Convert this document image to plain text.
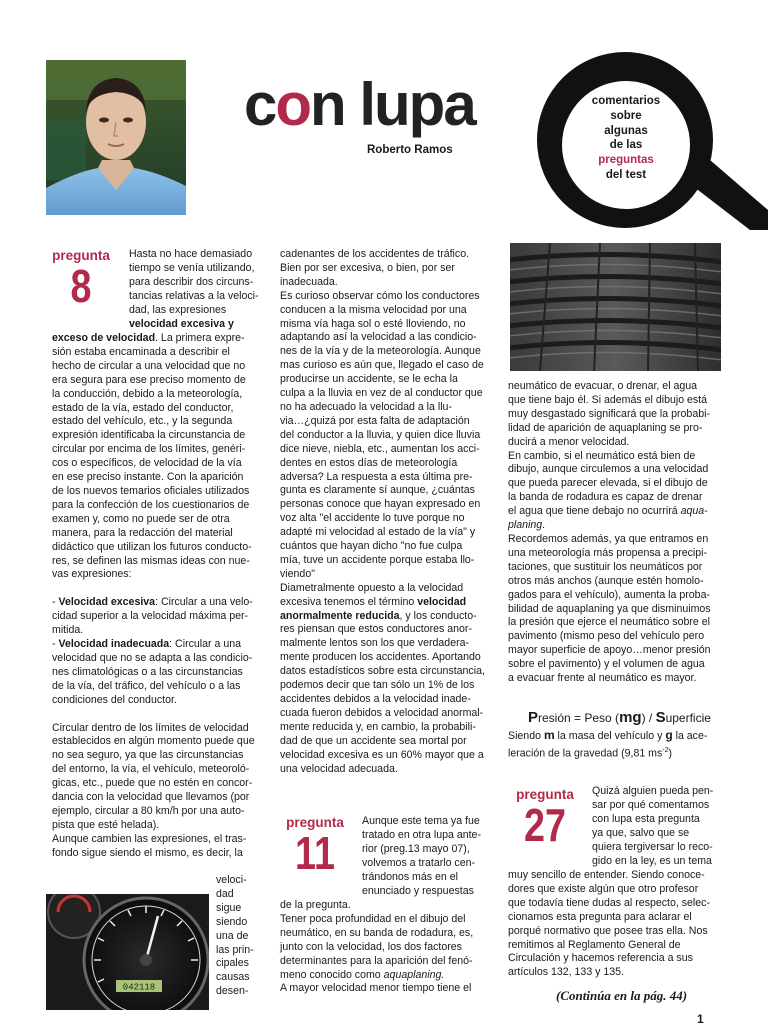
con lupa
Roberto Ramos
comentarios
sobre
algunas
de las
preguntas
del test
pregunta
8

Hasta no hace demasiado

tiempo se venía utilizando,

para describir dos circuns-

tancias relativas a la veloci-

dad, las expresiones

velocidad excesiva y

exceso de velocidad. La primera expre-

sión estaba encaminada a describir el

hecho de circular a una velocidad que no

era segura para ese preciso momento de

la conducción, debido a la meteorología,

estado de la vía, estado del conductor,

estado del vehículo, etc., y la segunda

expresión identificaba la circunstancia de

circular por encima de los límites, genéri-

cos o específicos, de velocidad de la vía

en ese preciso instante. Con la aparición

de los nuevos temarios oficiales utilizados

para la confección de los cuestionarios de

examen y, como no puede ser de otra

manera, para la redacción del material

didáctico que utilizan los futuros conducto-

res, se definen las mismas ideas con nue-

vas expresiones:

- Velocidad excesiva: Circular a una velo-

cidad superior a la velocidad máxima per-

mitida.

- Velocidad inadecuada: Circular a una

velocidad que no se adapta a las condicio-

nes climatológicas o a las circunstancias

de la vía, del tráfico, del vehículo o a las

condiciones del conductor.

Circular dentro de los límites de velocidad

establecidos en algún momento puede que

no sea seguro, ya que las circunstancias

del entorno, la vía, el vehículo, meteoroló-

gicas, etc., puede que no estén en concor-

dancia con la velocidad que llevamos (por

ejemplo, circular a 80 km/h por una auto-

pista que esté helada).

Aunque cambien las expresiones, el tras-

fondo sigue siendo el mismo, es decir, la

veloci-

dad

sigue

siendo

una de

las prin-

cipales

causas

desen-

042118

cadenantes de los accidentes de tráfico.

Bien por ser excesiva, o bien, por ser

inadecuada.

Es curioso observar cómo los conductores

conducen a la misma velocidad por una

misma vía haga sol o esté lloviendo, no

adaptando así la velocidad a las condicio-

nes de la vía y de la meteorología. Aunque

mas curioso es aún que, llegado el caso de

producirse un accidente, se le echa la

culpa a la lluvia en vez de al conductor que

no ha adecuado la velocidad a la llu-

via…¿quizá por esta falta de adaptación

del conductor a la lluvia, y quien dice lluvia

dice nieve, niebla, etc., aumentan los acci-

dentes en estos días de meteorología

adversa? La respuesta a esta última pre-

gunta es claramente sí aunque, ¿cuántas

personas conoce que hayan expresado en

voz alta "el accidente lo tuve porque no

adapté mi velocidad al estado de la vía" y

cuántos que hayan dicho "no fue culpa

mía, tuve un accidente porque estaba llo-

viendo"

Diametralmente opuesto a la velocidad

excesiva tenemos el término velocidad

anormalmente reducida, y los conducto-

res piensan que estos conductores anor-

malmente lentos son los que verdadera-

mente producen los accidentes. Aportando

datos estadísticos sobre esta circunstancia,

podemos decir que tan sólo un 1% de los

accidentes debidos a la velocidad inade-

cuada fueron debidos a velocidad anormal-

mente reducida y, en cambio, la probabili-

dad de que un accidente sea mortal por

velocidad excesiva es un 60% mayor que a

una velocidad adecuada.

pregunta
11

Aunque este tema ya fue

tratado en otra lupa ante-

rior (preg.13 mayo 07),

volvemos a tratarlo cen-

trándonos más en el

enunciado y respuestas

de la pregunta.

Tener poca profundidad en el dibujo del

neumático, en su banda de rodadura, es,

junto con la velocidad, los dos factores

determinantes para la aparición del fenó-

meno conocido como aquaplaning.

A mayor velocidad menor tiempo tiene el

neumático de evacuar, o drenar, el agua

que tiene bajo él. Si además el dibujo está

muy desgastado significará que la probabi-

lidad de aparición de aquaplaning se pro-

ducirá a menor velocidad.

En cambio, si el neumático está bien de

dibujo, aunque circulemos a una velocidad

que pueda parecer elevada, si el dibujo de

la banda de rodadura es capaz de drenar

el agua que tiene debajo no ocurrirá aqua-

planing.

Recordemos además, ya que entramos en

una meteorología más propensa a precipi-

taciones, que sustituir los neumáticos por

otros más anchos (aunque estén homolo-

gados para el vehículo), aumenta la proba-

bilidad de aquaplaning ya que disminuimos

la presión que ejerce el neumático sobre el

pavimento (mismo peso del vehículo pero

mayor superficie de apoyo…menor presión

sobre el pavimento) y el volumen de agua

a evacuar frente al neumático es mayor.

Presión = Peso (mg) / Superficie

Siendo m la masa del vehículo y g la ace-

leración de la gravedad (9,81 $ms^{-2}$)

pregunta
27

Quizá alguien pueda pen-

sar por qué comentamos

con lupa esta pregunta

ya que, salvo que se

quiera tergiversar lo reco-

gido en la ley, es un tema

muy sencillo de entender. Siendo conoce-

dores que existe algún que otro profesor

que todavía tiene dudas al respecto, selec-

cionamos esta pregunta para aclarar el

porqué normativo que posee tras ella. Nos

remitimos al Reglamento General de

Circulación y hacemos referencia a sus

artículos 132, 133 y 135.

(Continúa en la pág. 44)
1
